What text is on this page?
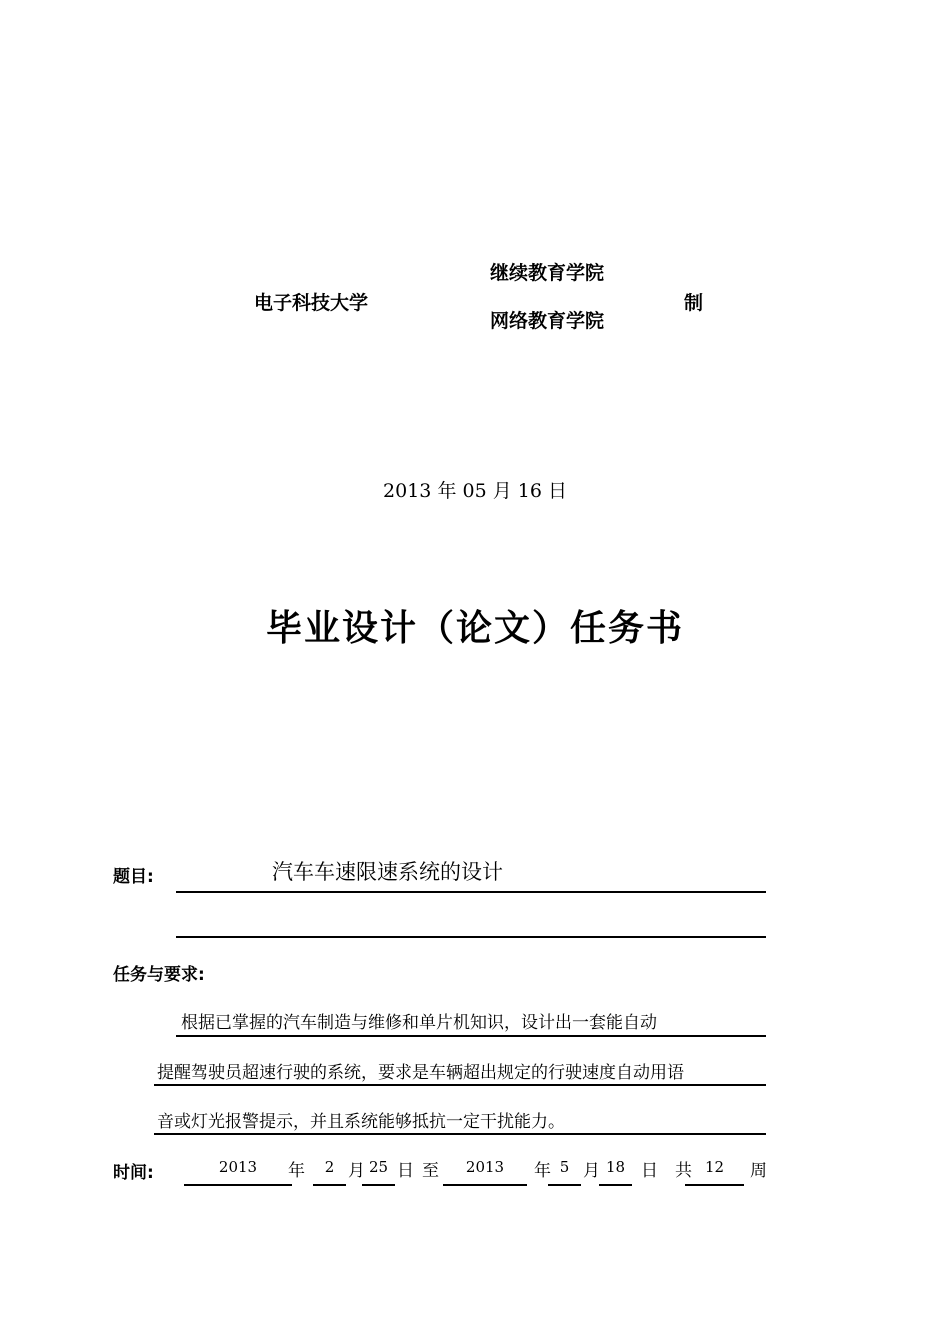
电子科技大学
继续教育学院
网络教育学院
制
2013 年 05 月 16 日
毕业设计（论文）任务书
题目:	汽车车速限速系统的设计
任务与要求:
根据已掌握的汽车制造与维修和单片机知识，设计出一套能自动
提醒驾驶员超速行驶的系统，要求是车辆超出规定的行驶速度自动用语
音或灯光报警提示，并且系统能够抵抗一定干扰能力。
时间:	2013	年	2 月 25 日 至	2013	年 5 月 18 日 共 12	周
